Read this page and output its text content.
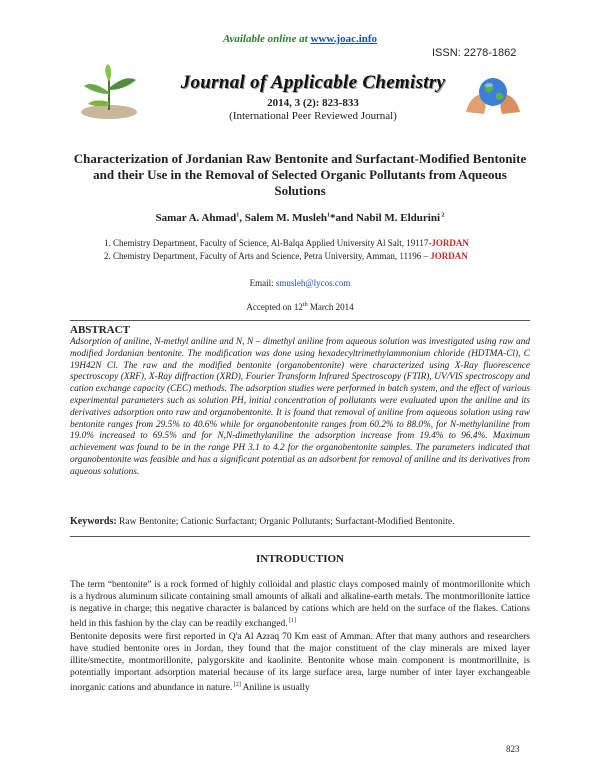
Available online at www.joac.info
ISSN: 2278-1862
Journal of Applicable Chemistry
2014, 3 (2): 823-833
(International Peer Reviewed Journal)
Characterization of Jordanian Raw Bentonite and Surfactant-Modified Bentonite and their Use in the Removal of Selected Organic Pollutants from Aqueous Solutions
Samar A. Ahmad$^1$, Salem M. Musleh$^1$*and Nabil M. Eldurini $^2$
1. Chemistry Department, Faculty of Science, Al-Balqa Applied University Al Salt, 19117-JORDAN
2. Chemistry Department, Faculty of Arts and Science, Petra University, Amman, 11196 – JORDAN
Email: smusleh@lycos.com
Accepted on 12th March 2014
ABSTRACT
Adsorption of aniline, N-methyl aniline and N, N – dimethyl aniline from aqueous solution was investigated using raw and modified Jordanian bentonite. The modification was done using hexadecyltrimethylammonium chloride (HDTMA-Cl), C 19H42N Cl. The raw and the modified bentonite (organobentonite) were characterized using X-Ray fluorescence spectroscopy (XRF), X-Ray diffraction (XRD), Fourier Transform Infrared Spectroscopy (FTIR), UV/VIS spectroscopy and cation exchange capacity (CEC) methods. The adsorption studies were performed in batch system, and the effect of various experimental parameters such as solution PH, initial concentration of pollutants were evaluated upon the aniline and its derivatives adsorption onto raw and organobentonite. It is found that removal of aniline from aqueous solution using raw bentonite ranges from 29.5% to 40.6% while for organobentonite ranges from 60.2% to 88.0%, for N-methylaniline from 19.0% increased to 69.5% and for N,N-dimethylaniline the adsorption increase from 19.4% to 96.4%. Maximum achievement was found to be in the range PH 3.1 to 4.2 for the organobentonite samples. The parameters indicated that organobentonite was feasible and has a significant potential as an adsorbent for removal of aniline and its derivatives from aqueous solutions.
Keywords: Raw Bentonite; Cationic Surfactant; Organic Pollutants; Surfactant-Modified Bentonite.
INTRODUCTION

The term “bentonite” is a rock formed of highly colloidal and plastic clays composed mainly of montmorillonite which is a hydrous aluminum silicate containing small amounts of alkali and alkaline-earth metals. The montmorillonite lattice is negative in charge; this negative character is balanced by cations which are held on the surface of the flakes. Cations held in this fashion by the clay can be readily exchanged. [1]

Bentonite deposits were first reported in Q'a Al Azraq 70 Km east of Amman. After that many authors and researchers have studied bentonite ores in Jordan, they found that the major constituent of the clay minerals are mixed layer illite/smectite, montmorillonite, palygorskite and kaolinite. Bentonite whose main component is montmorillnite, is potentially important adsorption material because of its large surface area, large number of inter layer exchangeable inorganic cations and abundance in nature. [2] Aniline is usually

823
